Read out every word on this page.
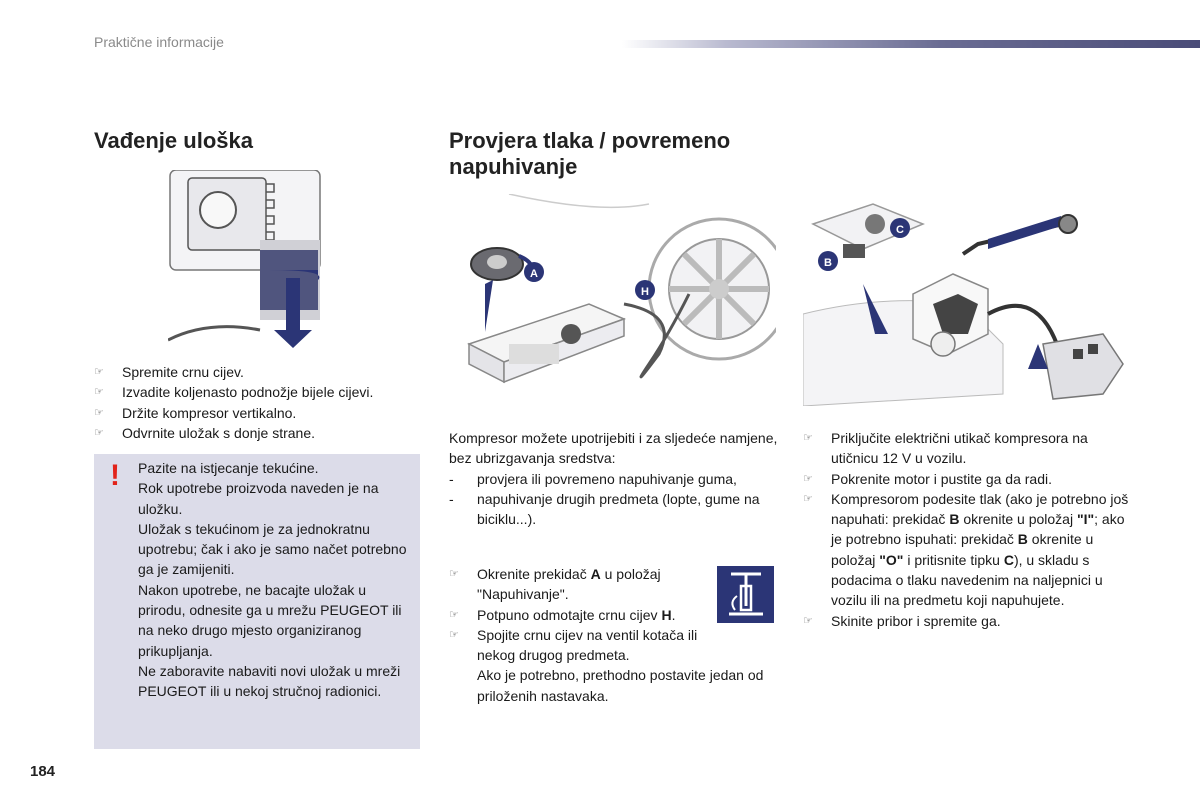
Praktične informacije
Vađenje uloška
☞	Spremite crnu cijev.
☞	Izvadite koljenasto podnožje bijele cijevi.
☞	Držite kompresor vertikalno.
☞	Odvrnite uložak s donje strane.
! Pazite na istjecanje tekućine.

Rok upotrebe proizvoda naveden je na uložku.

Uložak s tekućinom je za jednokratnu upotrebu; čak i ako je samo načet potrebno ga je zamijeniti.

Nakon upotrebe, ne bacajte uložak u prirodu, odnesite ga u mrežu PEUGEOT ili na neko drugo mjesto organiziranog prikupljanja.

Ne zaboravite nabaviti novi uložak u mreži PEUGEOT ili u nekoj stručnoj radionici.

Provjera tlaka / povremeno napuhivanje
A
H

Kompresor možete upotrijebiti i za sljedeće namjene, bez ubrizgavanja sredstva:

- provjera ili povremeno napuhivanje guma,
- napuhivanje drugih predmeta (lopte, gume na biciklu...).
☞	Okrenite prekidač A u položaj "Napuhivanje".
☞	Potpuno odmotajte crnu cijev H.
☞	Spojite crnu cijev na ventil kotača ili nekog drugog predmeta.
Ako je potrebno, prethodno postavite jedan od priloženih nastavaka.
C
B
☞	Priključite električni utikač kompresora na utičnicu 12 V u vozilu.
☞	Pokrenite motor i pustite ga da radi.
☞	Kompresorom podesite tlak (ako je potrebno još napuhati: prekidač B okrenite u položaj "I"; ako je potrebno ispuhati: prekidač B okrenite u položaj "O" i pritisnite tipku C), u skladu s podacima o tlaku navedenim na naljepnici u vozilu ili na predmetu koji napuhujete.
☞	Skinite pribor i spremite ga.
184
